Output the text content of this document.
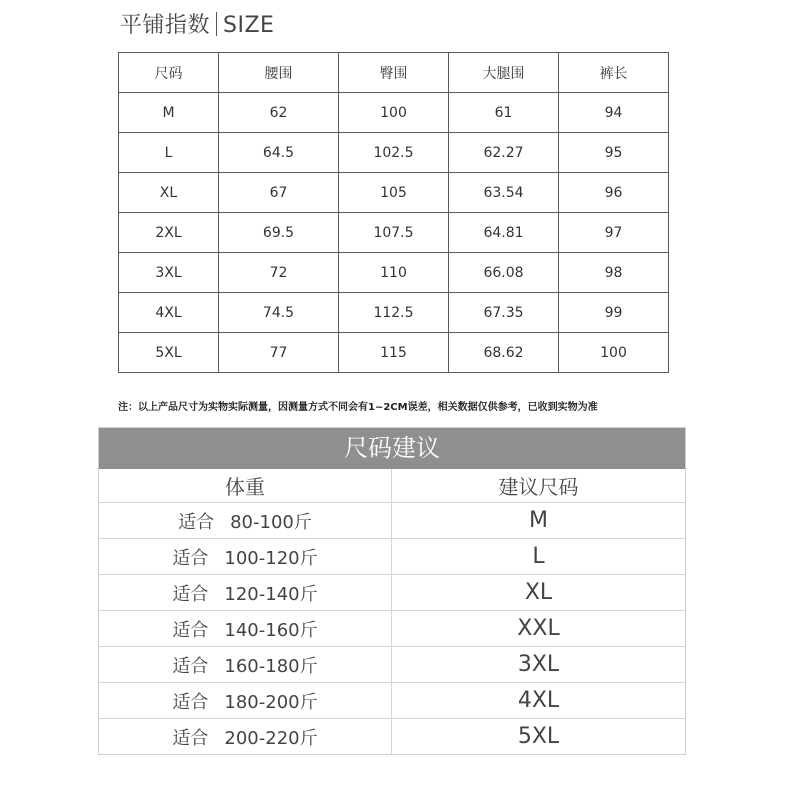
平铺指数 SIZE
尺码	腰围	臀围	大腿围	裤长
M	62	100	61	94
L	64.5	102.5	62.27	95
XL	67	105	63.54	96
2XL	69.5	107.5	64.81	97
3XL	72	110	66.08	98
4XL	74.5	112.5	67.35	99
5XL	77	115	68.62	100
注：以上产品尺寸为实物实际测量，因测量方式不同会有1~2CM误差，相关数据仅供参考，已收到实物为准
尺码建议
体重	建议尺码
适合 80-100斤	M
适合 100-120斤	L
适合 120-140斤	XL
适合 140-160斤	XXL
适合 160-180斤	3XL
适合 180-200斤	4XL
适合 200-220斤	5XL
